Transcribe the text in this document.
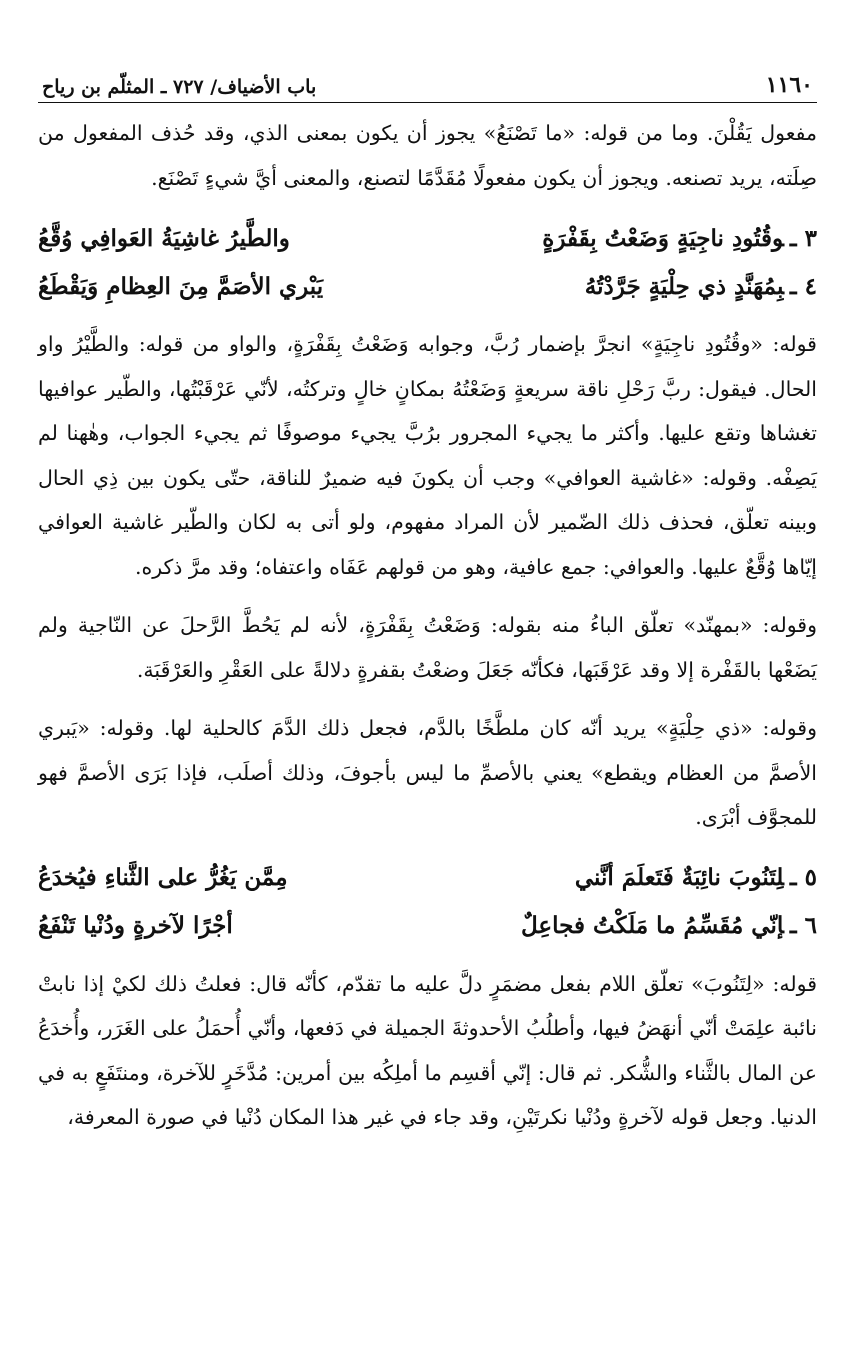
١١٦٠
باب الأضياف/ ٧٢٧ ـ المثلّم بن رياح

مفعول يَقُلْنَ. وما من قوله: «ما تَصْنَعُ» يجوز أن يكون بمعنى الذي، وقد حُذف المفعول من صِلَته، يريد تصنعه. ويجوز أن يكون مفعولًا مُقَدَّمًا لتصنع، والمعنى أيَّ شيءٍ تَصْنَع.

٣ ـوقُتُودِ ناجِيَةٍ وَضَعْتُ بِقَفْرَةٍ
والطَّيرُ غاشِيَةُ العَوافِي وُقَّعُ
٤ ـبِمُهَنَّدٍ ذي حِلْيَةٍ جَرَّدْتُهُ
يَبْري الأصَمَّ مِنَ العِظامِ وَيَقْطَعُ

قوله: «وقُتُودِ ناجِيَةٍ» انجرَّ بإضمار رُبَّ، وجوابه وَضَعْتُ بِقَفْرَةٍ، والواو من قوله: والطَّيْرُ واو الحال. فيقول: ربَّ رَحْلِ ناقة سريعةٍ وَضَعْتُهُ بمكانٍ خالٍ وتركتُه، لأنّي عَرْقَبْتُها، والطّير عوافيها تغشاها وتقع عليها. وأكثر ما يجيء المجرور برُبَّ يجيء موصوفًا ثم يجيء الجواب، وهٰهنا لم يَصِفْه. وقوله: «غاشية العوافي» وجب أن يكونَ فيه ضميرٌ للناقة، حتّى يكون بين ذِي الحال وبينه تعلّق، فحذف ذلك الضّمير لأن المراد مفهوم، ولو أتى به لكان والطّير غاشية العوافي إيّاها وُقَّعٌ عليها. والعوافي: جمع عافية، وهو من قولهم عَفَاه واعتفاه؛ وقد مرَّ ذكره.

وقوله: «بمهنّد» تعلّق الباءُ منه بقوله: وَضَعْتُ بِقَفْرَةٍ، لأنه لم يَحُطَّ الرَّحلَ عن النّاجية ولم يَضَعْها بالقَفْرة إلا وقد عَرْقَبَها، فكأنّه جَعَلَ وضعْتُ بقفرةٍ دلالةً على العَقْرِ والعَرْقَبَة.

وقوله: «ذي حِلْيَةٍ» يريد أنّه كان ملطَّخًا بالدَّم، فجعل ذلك الدَّمَ كالحلية لها. وقوله: «يَبري الأصمَّ من العظام ويقطع» يعني بالأصمِّ ما ليس بأجوفَ، وذلك أصلَب، فإذا بَرَى الأصمَّ فهو للمجوَّف أبْرَى.

٥ ـلِتَنُوبَ نائِبَةٌ فَتَعلَمَ أنَّني
مِمَّن يَغُرُّ على الثَّناءِ فيُخدَعُ
٦ ـإنّي مُقَسِّمُ ما مَلَكْتُ فجاعِلٌ
أجْرًا لآخرةٍ ودُنْيا تَنْفَعُ

قوله: «لِتَنُوبَ» تعلّق اللام بفعل مضمَرٍ دلَّ عليه ما تقدّم، كأنّه قال: فعلتُ ذلك لكيْ إذا نابتْ نائبة علِمَتْ أنّي أنهَضُ فيها، وأطلُبُ الأحدوثةَ الجميلة في دَفعها، وأنّي أُحمَلُ على الغَرَر، وأُخدَعُ عن المال بالثَّناء والشُّكر. ثم قال: إنّي أقسِم ما أملِكُه بين أمرين: مُدَّخَرٍ للآخرة، ومنتَفَعٍ به في الدنيا. وجعل قوله لآخرةٍ ودُنْيا نكرتَيْنِ، وقد جاء في غير هذا المكان دُنْيا في صورة المعرفة،
